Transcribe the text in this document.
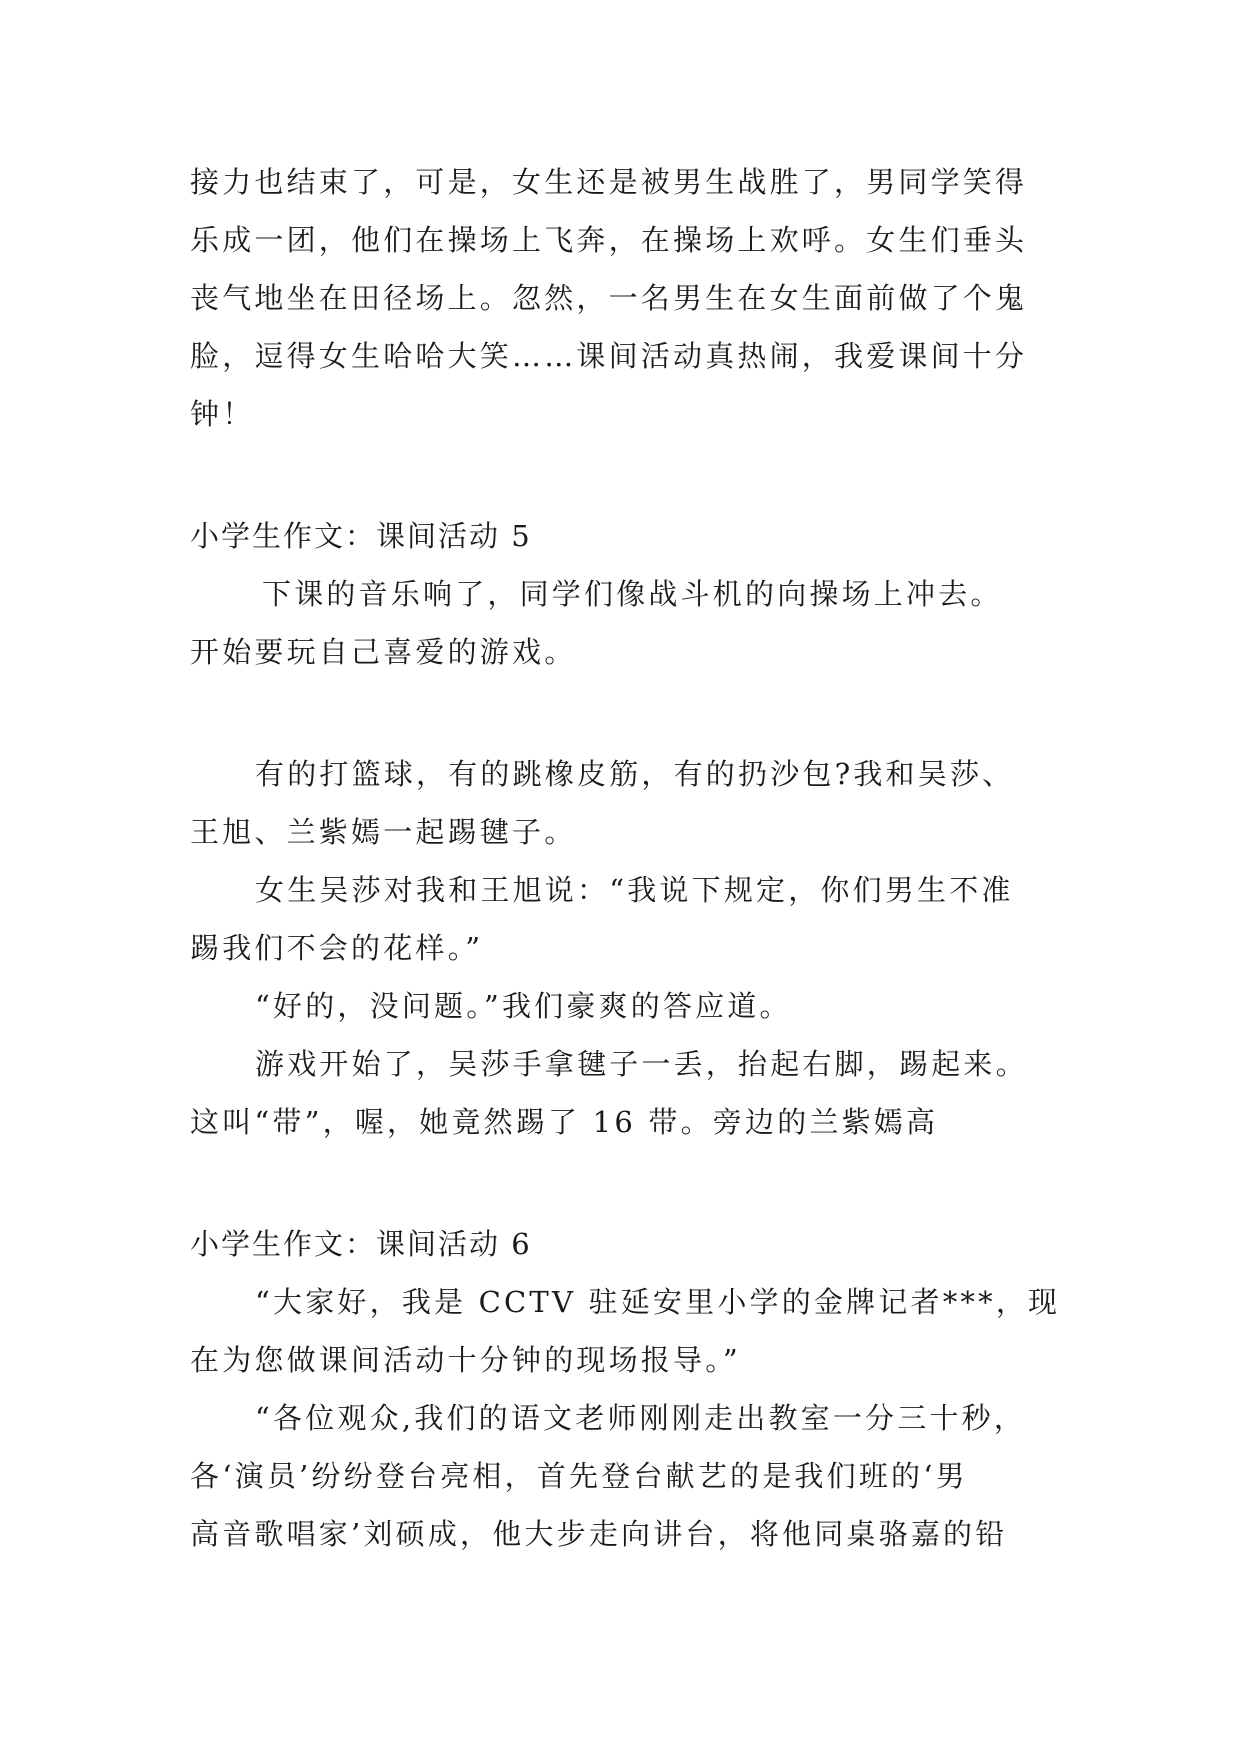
接力也结束了，可是，女生还是被男生战胜了，男同学笑得
乐成一团，他们在操场上飞奔，在操场上欢呼。女生们垂头
丧气地坐在田径场上。忽然，一名男生在女生面前做了个鬼
脸，逗得女生哈哈大笑……课间活动真热闹，我爱课间十分
钟！
小学生作文：课间活动 5
下课的音乐响了，同学们像战斗机的向操场上冲去。
开始要玩自己喜爱的游戏。
有的打篮球，有的跳橡皮筋，有的扔沙包?我和吴莎、
王旭、兰紫嫣一起踢毽子。
女生吴莎对我和王旭说：“我说下规定，你们男生不准
踢我们不会的花样。”
“好的，没问题。”我们豪爽的答应道。
游戏开始了，吴莎手拿毽子一丢，抬起右脚，踢起来。
这叫“带”，喔，她竟然踢了 16 带。旁边的兰紫嫣高
小学生作文：课间活动 6
“大家好，我是 CCTV 驻延安里小学的金牌记者***，现
在为您做课间活动十分钟的现场报导。”
“各位观众,我们的语文老师刚刚走出教室一分三十秒，
各‘演员’纷纷登台亮相，首先登台献艺的是我们班的‘男
高音歌唱家’刘硕成，他大步走向讲台，将他同桌骆嘉的铅
